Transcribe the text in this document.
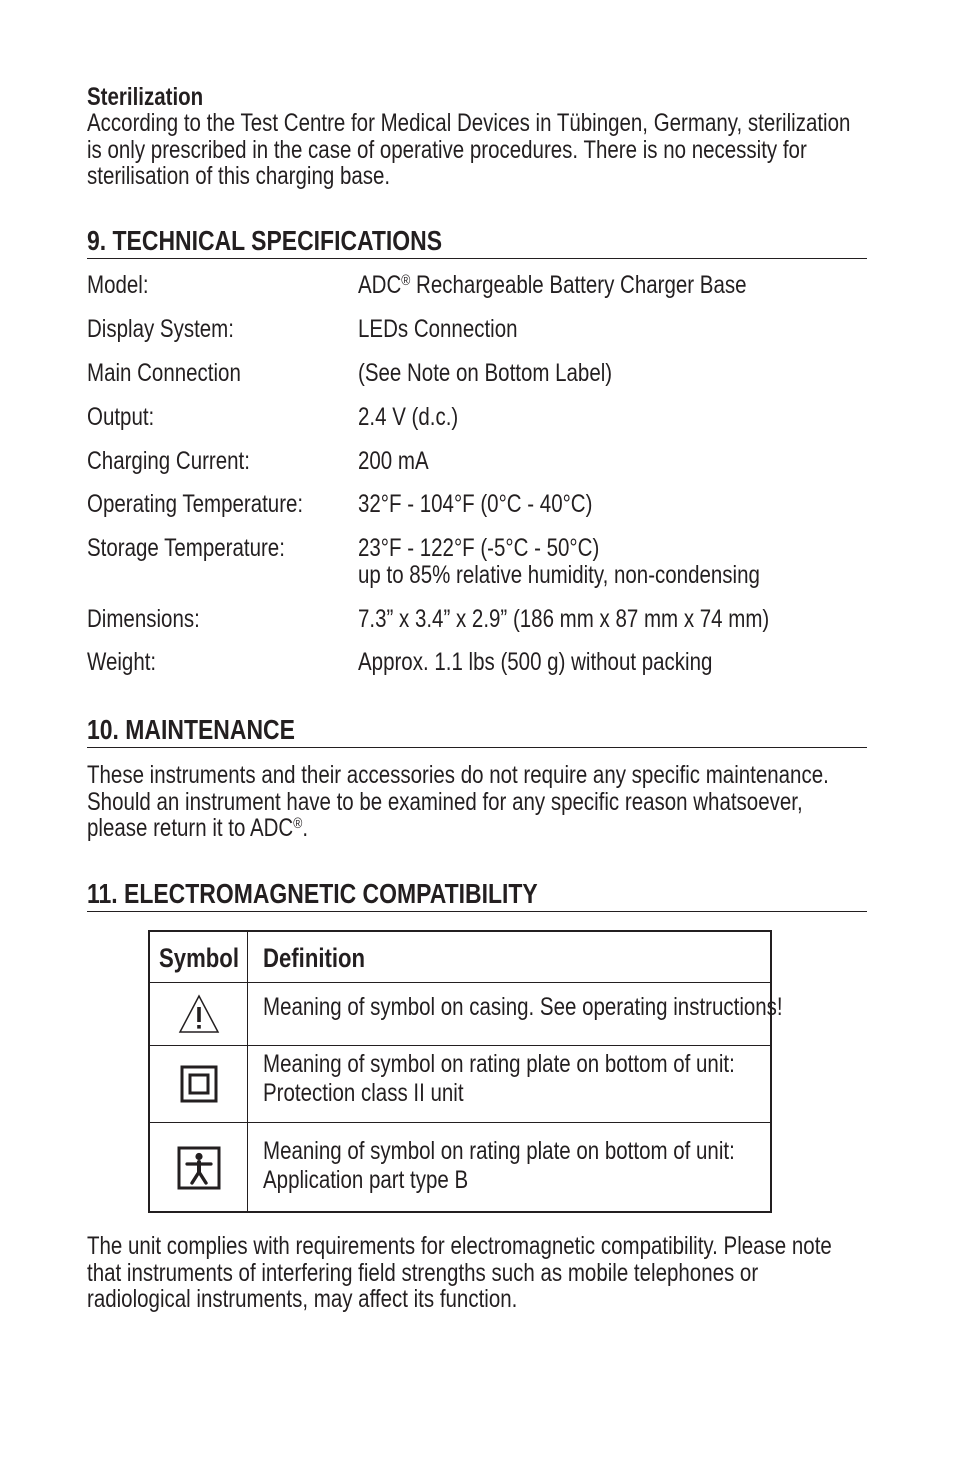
Sterilization
According to the Test Centre for Medical Devices in Tübingen, Germany, sterilization
is only prescribed in the case of operative procedures. There is no necessity for
sterilisation of this charging base.
9. TECHNICAL SPECIFICATIONS
Model:	ADC® Rechargeable Battery Charger Base
Display System:	LEDs Connection
Main Connection	(See Note on Bottom Label)
Output:	2.4 V (d.c.)
Charging Current:	200 mA
Operating Temperature: 32°F - 104°F (0°C - 40°C)
Storage Temperature:	23°F - 122°F (-5°C - 50°C)
up to 85% relative humidity, non-condensing
Dimensions:	7.3” x 3.4” x 2.9” (186 mm x 87 mm x 74 mm)
Weight:	Approx. 1.1 lbs (500 g) without packing
10. MAINTENANCE
These instruments and their accessories do not require any specific maintenance.
Should an instrument have to be examined for any specific reason whatsoever,
please return it to ADC®.
11. ELECTROMAGNETIC COMPATIBILITY
Symbol Definition
Meaning of symbol on casing. See operating instructions!
Meaning of symbol on rating plate on bottom of unit:
Protection class II unit
Meaning of symbol on rating plate on bottom of unit:
Application part type B
The unit complies with requirements for electromagnetic compatibility. Please note
that instruments of interfering field strengths such as mobile telephones or
radiological instruments, may affect its function.
